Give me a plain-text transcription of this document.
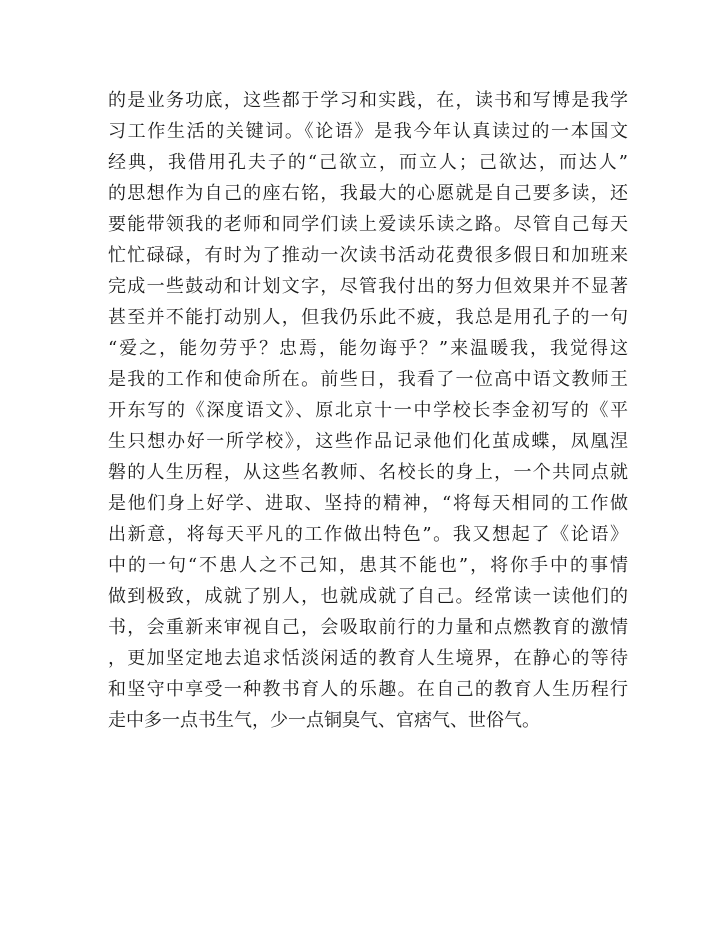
的是业务功底，这些都于学习和实践，在，读书和写博是我学
习工作生活的关键词。《论语》是我今年认真读过的一本国文
经典，我借用孔夫子的“己欲立，而立人；己欲达，而达人”
的思想作为自己的座右铭，我最大的心愿就是自己要多读，还
要能带领我的老师和同学们读上爱读乐读之路。尽管自己每天
忙忙碌碌，有时为了推动一次读书活动花费很多假日和加班来
完成一些鼓动和计划文字，尽管我付出的努力但效果并不显著
甚至并不能打动别人，但我仍乐此不疲，我总是用孔子的一句
“爱之，能勿劳乎？忠焉，能勿诲乎？”来温暖我，我觉得这
是我的工作和使命所在。前些日，我看了一位高中语文教师王
开东写的《深度语文》、原北京十一中学校长李金初写的《平
生只想办好一所学校》，这些作品记录他们化茧成蝶，凤凰涅
磐的人生历程，从这些名教师、名校长的身上，一个共同点就
是他们身上好学、进取、坚持的精神，“将每天相同的工作做
出新意，将每天平凡的工作做出特色”。我又想起了《论语》
中的一句“不患人之不己知，患其不能也”，将你手中的事情
做到极致，成就了别人，也就成就了自己。经常读一读他们的
书，会重新来审视自己，会吸取前行的力量和点燃教育的激情
，更加坚定地去追求恬淡闲适的教育人生境界，在静心的等待
和坚守中享受一种教书育人的乐趣。在自己的教育人生历程行
走中多一点书生气，少一点铜臭气、官痞气、世俗气。
